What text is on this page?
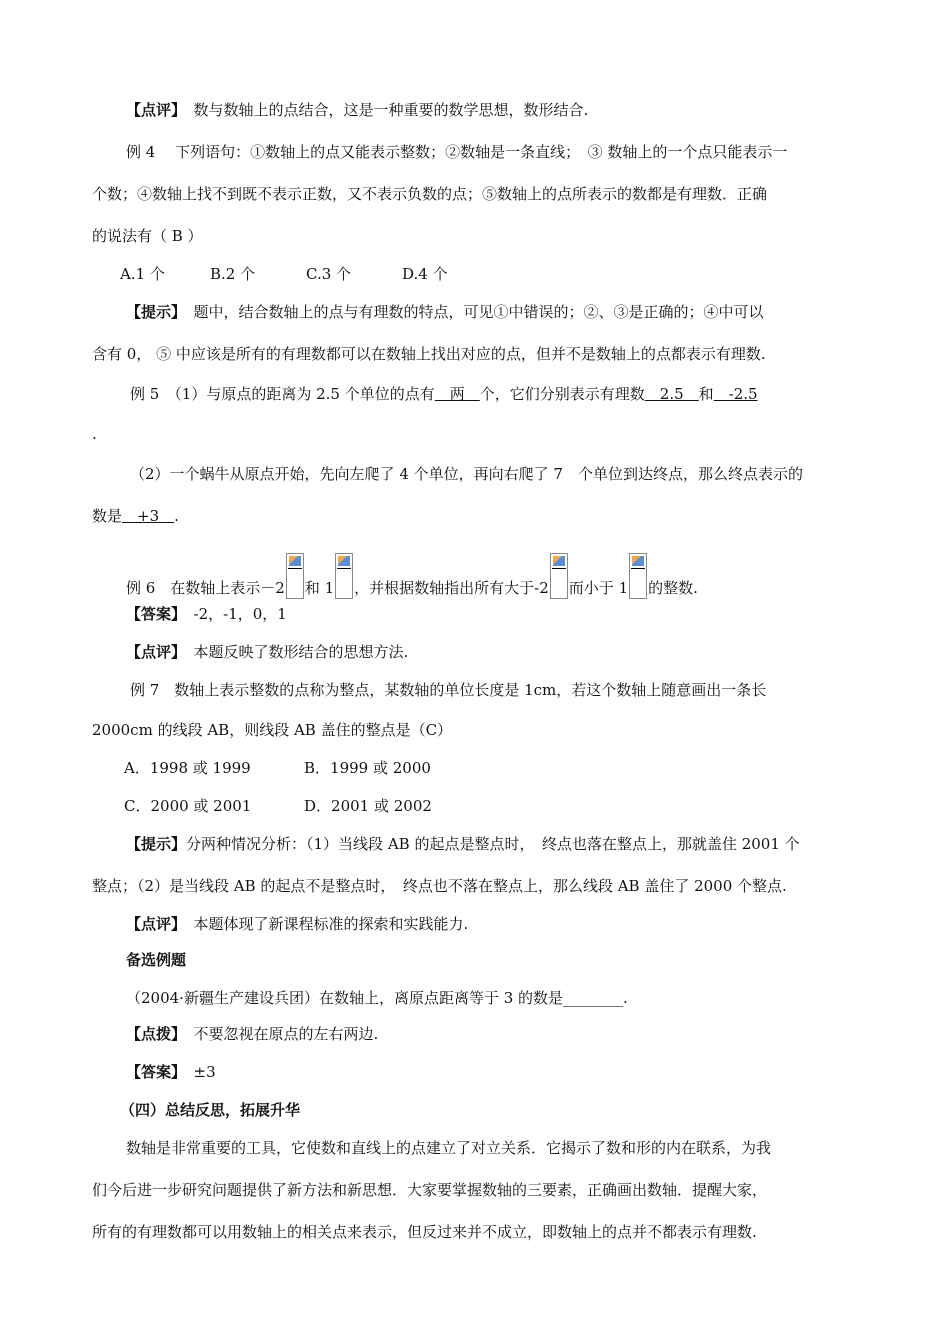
【点评】　数与数轴上的点结合，这是一种重要的数学思想，数形结合.
例 4　 下列语句：①数轴上的点又能表示整数；②数轴是一条直线；　③ 数轴上的一个点只能表示一
个数；④数轴上找不到既不表示正数，又不表示负数的点；⑤数轴上的点所表示的数都是有理数．正确
的说法有（ B ）
A.1 个	B.2 个	C.3 个	D.4 个
【提示】　题中，结合数轴上的点与有理数的特点，可见①中错误的；②、③是正确的；④中可以
含有 0， ⑤ 中应该是所有的有理数都可以在数轴上找出对应的点，但并不是数轴上的点都表示有理数.
例 5　（1）与原点的距离为 2.5 个单位的点有　两　个，它们分别表示有理数　2.5　和　-2.5
.
（2）一个蜗牛从原点开始，先向左爬了 4 个单位，再向右爬了 7　个单位到达终点，那么终点表示的
数是　+3　.
例 6　在数轴上表示－2 和 1 ，并根据数轴指出所有大于-2 而小于 1 的整数.
【答案】　-2，-1，0，1
【点评】　本题反映了数形结合的思想方法.
例 7　数轴上表示整数的点称为整点，某数轴的单位长度是 1cm，若这个数轴上随意画出一条长
2000cm 的线段 AB，则线段 AB 盖住的整点是（C）
A．1998 或 1999	B．1999 或 2000
C．2000 或 2001	D．2001 或 2002
【提示】分两种情况分析：（1）当线段 AB 的起点是整点时，　终点也落在整点上，那就盖住 2001 个
整点；（2）是当线段 AB 的起点不是整点时，　终点也不落在整点上，那么线段 AB 盖住了 2000 个整点.
【点评】　本题体现了新课程标准的探索和实践能力.
备选例题
（2004·新疆生产建设兵团）在数轴上，离原点距离等于 3 的数是________.
【点拨】　不要忽视在原点的左右两边.
【答案】　±3
（四）总结反思，拓展升华
数轴是非常重要的工具，它使数和直线上的点建立了对立关系．它揭示了数和形的内在联系，为我
们今后进一步研究问题提供了新方法和新思想．大家要掌握数轴的三要素，正确画出数轴．提醒大家，
所有的有理数都可以用数轴上的相关点来表示，但反过来并不成立，即数轴上的点并不都表示有理数.
